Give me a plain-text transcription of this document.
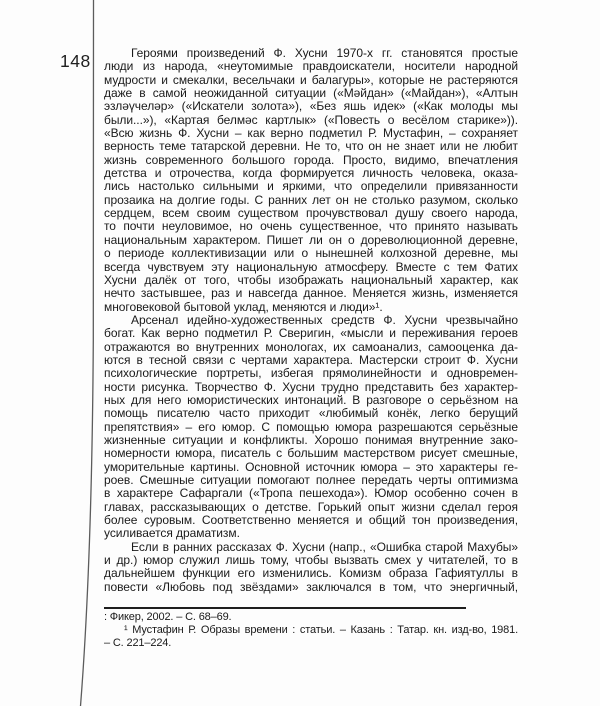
148	Героями произведений Ф. Хусни 1970-х гг. становятся простые
люди из народа, «неутомимые правдоискатели, носители народной
мудрости и смекалки, весельчаки и балагуры», которые не растеряются
даже в самой неожиданной ситуации («Мәйдан» («Майдан»), «Алтын
эзләүчеләр» («Искатели золота»), «Без яшь идек» («Как молоды мы
были...»), «Картая белмәс картлык» («Повесть о весёлом старике»)).
«Всю жизнь Ф. Хусни – как верно подметил Р. Мустафин, – сохраняет
верность теме татарской деревни. Не то, что он не знает или не любит
жизнь современного большого города. Просто, видимо, впечатления
детства и отрочества, когда формируется личность человека, оказа-
лись настолько сильными и яркими, что определили привязанности
прозаика на долгие годы. С ранних лет он не столько разумом, сколько
сердцем, всем своим существом прочувствовал душу своего народа,
то почти неуловимое, но очень существенное, что принято называть
национальным характером. Пишет ли он о дореволюционной деревне,
о периоде коллективизации или о нынешней колхозной деревне, мы
всегда чувствуем эту национальную атмосферу. Вместе с тем Фатих
Хусни далёк от того, чтобы изображать национальный характер, как
нечто застывшее, раз и навсегда данное. Меняется жизнь, изменяется
многовековой бытовой уклад, меняются и люди»¹.
Арсенал идейно-художественных средств Ф. Хусни чрезвычайно
богат. Как верно подметил Р. Сверигин, «мысли и переживания героев
отражаются во внутренних монологах, их самоанализ, самооценка да-
ются в тесной связи с чертами характера. Мастерски строит Ф. Хусни
психологические портреты, избегая прямолинейности и одновремен-
ности рисунка. Творчество Ф. Хусни трудно представить без характер-
ных для него юмористических интонаций. В разговоре о серьёзном на
помощь писателю часто приходит «любимый конёк, легко берущий
препятствия» – его юмор. С помощью юмора разрешаются серьёзные
жизненные ситуации и конфликты. Хорошо понимая внутренние зако-
номерности юмора, писатель с большим мастерством рисует смешные,
уморительные картины. Основной источник юмора – это характеры ге-
роев. Смешные ситуации помогают полнее передать черты оптимизма
в характере Сафаргали («Тропа пешехода»). Юмор особенно сочен в
главах, рассказывающих о детстве. Горький опыт жизни сделал героя
более суровым. Соответственно меняется и общий тон произведения,
усиливается драматизм.
Если в ранних рассказах Ф. Хусни (напр., «Ошибка старой Махубы»
и др.) юмор служил лишь тому, чтобы вызвать смех у читателей, то в
дальнейшем функции его изменились. Комизм образа Гафиятуллы в
повести «Любовь под звёздами» заключался в том, что энергичный,
: Фикер, 2002. – С. 68–69.
¹ Мустафин Р. Образы времени : статьи. – Казань : Татар. кн. изд-во, 1981.
– С. 221–224.
